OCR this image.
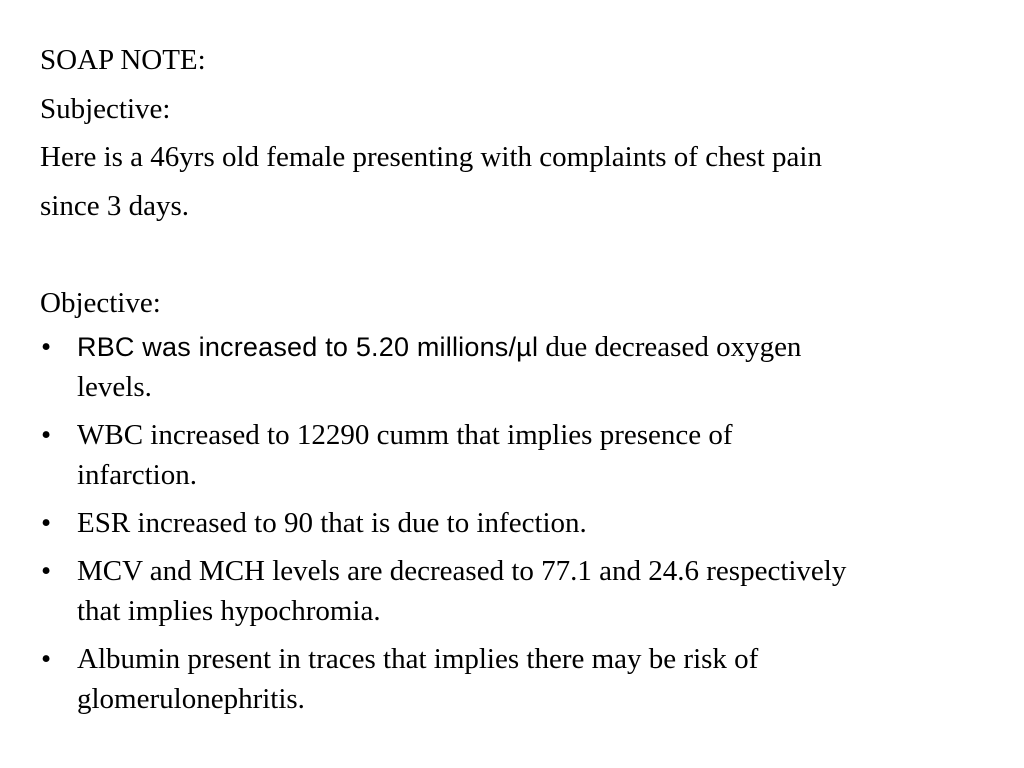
SOAP NOTE:
Subjective:
Here is a 46yrs old female presenting with complaints of chest pain
since 3 days.
Objective:
• RBC was increased to 5.20 millions/µl due decreased oxygen
levels.
• WBC increased to 12290 cumm that implies presence of
infarction.
• ESR increased to 90 that is due to infection.
• MCV and MCH levels are decreased to 77.1 and 24.6 respectively
that implies hypochromia.
• Albumin present in traces that implies there may be risk of
glomerulonephritis.
